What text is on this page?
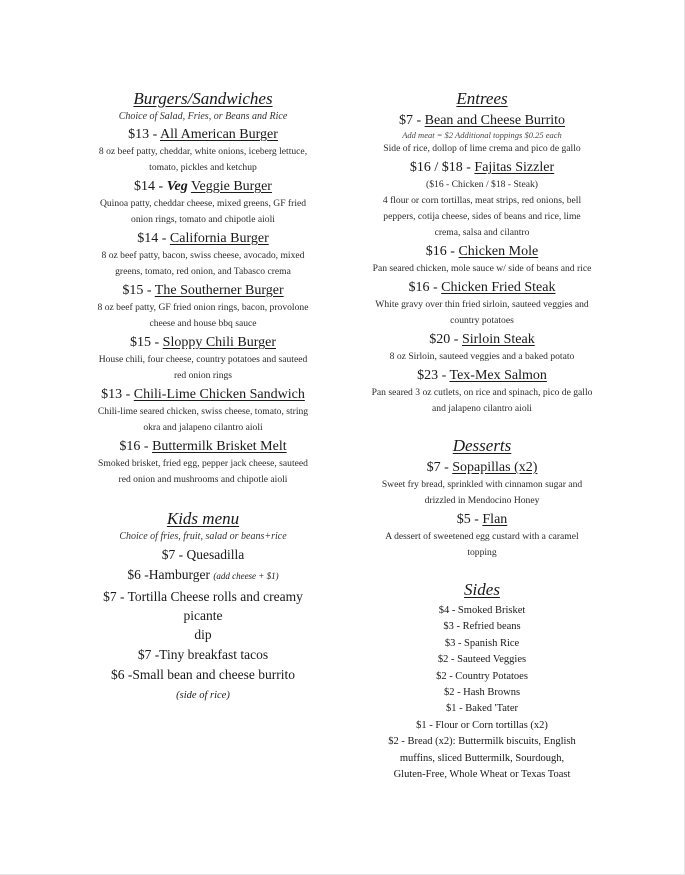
Burgers/Sandwiches
Choice of Salad, Fries, or Beans and Rice
$13 - All American Burger
8 oz beef patty, cheddar, white onions, iceberg lettuce,
tomato, pickles and ketchup
$14 - Veg Veggie Burger
Quinoa patty, cheddar cheese, mixed greens, GF fried
onion rings, tomato and chipotle aioli
$14 - California Burger
8 oz beef patty, bacon, swiss cheese, avocado, mixed
greens, tomato, red onion, and Tabasco crema
$15 - The Southerner Burger
8 oz beef patty, GF fried onion rings, bacon, provolone
cheese and house bbq sauce
$15 - Sloppy Chili Burger
House chili, four cheese, country potatoes and sauteed
red onion rings
$13 - Chili-Lime Chicken Sandwich
Chili-lime seared chicken, swiss cheese, tomato, string
okra and jalapeno cilantro aioli
$16 - Buttermilk Brisket Melt
Smoked brisket, fried egg, pepper jack cheese, sauteed
red onion and mushrooms and chipotle aioli
Kids menu
Choice of fries, fruit, salad or beans+rice
$7 - Quesadilla
$6 -Hamburger (add cheese + $1)
$7 - Tortilla Cheese rolls and creamy picante
dip
$7 -Tiny breakfast tacos
$6 -Small bean and cheese burrito
(side of rice)
Entrees
$7 - Bean and Cheese Burrito
Add meat = $2 Additional toppings $0.25 each
Side of rice, dollop of lime crema and pico de gallo
$16 / $18 - Fajitas Sizzler
($16 - Chicken / $18 - Steak)
4 flour or corn tortillas, meat strips, red onions, bell
peppers, cotija cheese, sides of beans and rice, lime
crema, salsa and cilantro
$16 - Chicken Mole
Pan seared chicken, mole sauce w/ side of beans and rice
$16 - Chicken Fried Steak
White gravy over thin fried sirloin, sauteed veggies and
country potatoes
$20 - Sirloin Steak
8 oz Sirloin, sauteed veggies and a baked potato
$23 - Tex-Mex Salmon
Pan seared 3 oz cutlets, on rice and spinach, pico de gallo
and jalapeno cilantro aioli
Desserts
$7 - Sopapillas (x2)
Sweet fry bread, sprinkled with cinnamon sugar and
drizzled in Mendocino Honey
$5 - Flan
A dessert of sweetened egg custard with a caramel
topping
Sides
$4 - Smoked Brisket
$3 - Refried beans
$3 - Spanish Rice
$2 - Sauteed Veggies
$2 - Country Potatoes
$2 - Hash Browns
$1 - Baked 'Tater
$1 - Flour or Corn tortillas (x2)
$2 - Bread (x2): Buttermilk biscuits, English
muffins, sliced Buttermilk, Sourdough,
Gluten-Free, Whole Wheat or Texas Toast
